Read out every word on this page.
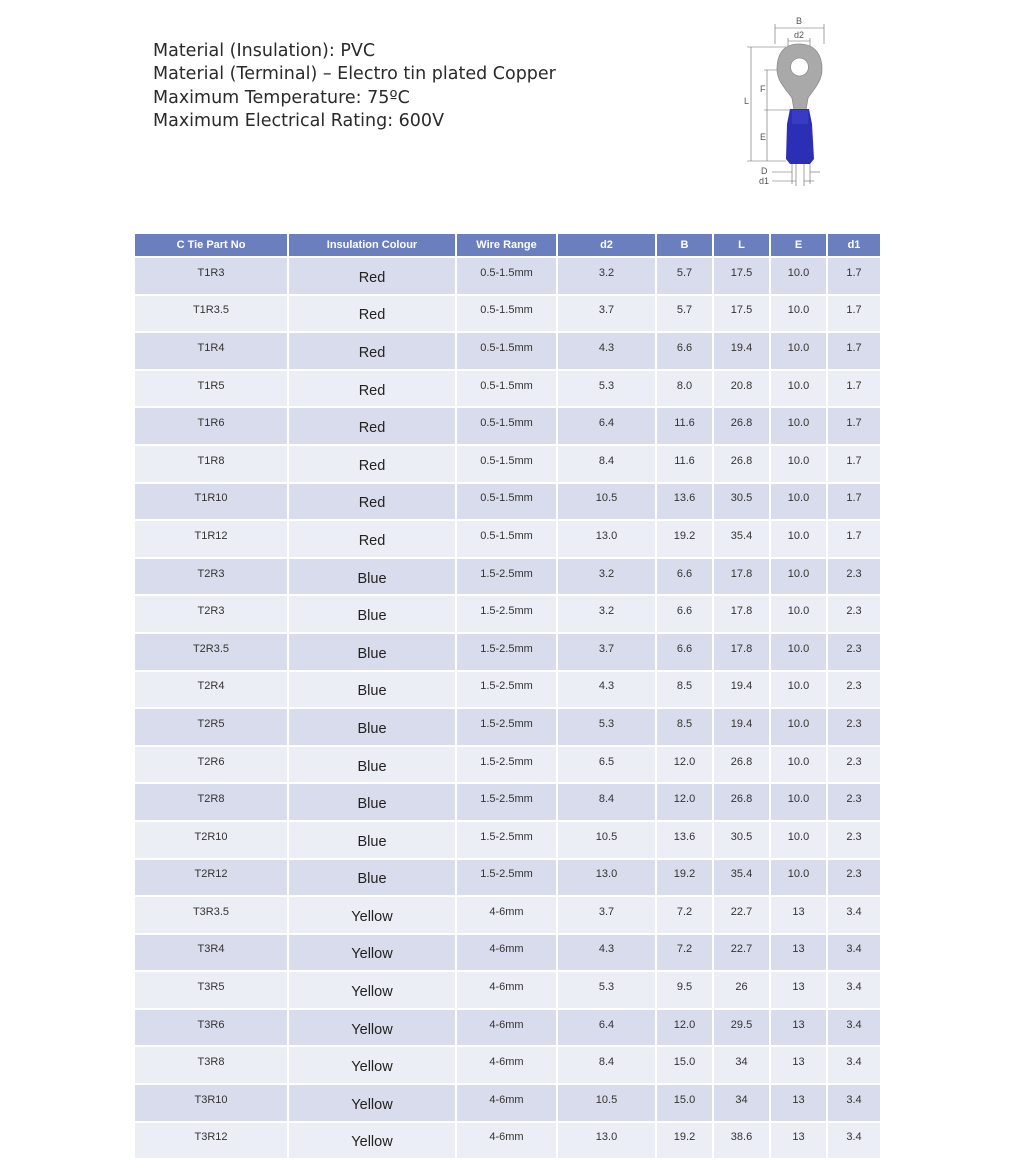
Material (Insulation): PVC
Material (Terminal) – Electro tin plated Copper
Maximum Temperature: 75ºC
Maximum Electrical Rating: 600V
B
d2
L
F
E
D
d1
C Tie Part No	Insulation Colour	Wire Range	d2	B	L	E	d1
T1R3	Red	0.5-1.5mm	3.2	5.7	17.5	10.0	1.7
T1R3.5	Red	0.5-1.5mm	3.7	5.7	17.5	10.0	1.7
T1R4	Red	0.5-1.5mm	4.3	6.6	19.4	10.0	1.7
T1R5	Red	0.5-1.5mm	5.3	8.0	20.8	10.0	1.7
T1R6	Red	0.5-1.5mm	6.4	11.6	26.8	10.0	1.7
T1R8	Red	0.5-1.5mm	8.4	11.6	26.8	10.0	1.7
T1R10	Red	0.5-1.5mm	10.5	13.6	30.5	10.0	1.7
T1R12	Red	0.5-1.5mm	13.0	19.2	35.4	10.0	1.7
T2R3	Blue	1.5-2.5mm	3.2	6.6	17.8	10.0	2.3
T2R3	Blue	1.5-2.5mm	3.2	6.6	17.8	10.0	2.3
T2R3.5	Blue	1.5-2.5mm	3.7	6.6	17.8	10.0	2.3
T2R4	Blue	1.5-2.5mm	4.3	8.5	19.4	10.0	2.3
T2R5	Blue	1.5-2.5mm	5.3	8.5	19.4	10.0	2.3
T2R6	Blue	1.5-2.5mm	6.5	12.0	26.8	10.0	2.3
T2R8	Blue	1.5-2.5mm	8.4	12.0	26.8	10.0	2.3
T2R10	Blue	1.5-2.5mm	10.5	13.6	30.5	10.0	2.3
T2R12	Blue	1.5-2.5mm	13.0	19.2	35.4	10.0	2.3
T3R3.5	Yellow	4-6mm	3.7	7.2	22.7	13	3.4
T3R4	Yellow	4-6mm	4.3	7.2	22.7	13	3.4
T3R5	Yellow	4-6mm	5.3	9.5	26	13	3.4
T3R6	Yellow	4-6mm	6.4	12.0	29.5	13	3.4
T3R8	Yellow	4-6mm	8.4	15.0	34	13	3.4
T3R10	Yellow	4-6mm	10.5	15.0	34	13	3.4
T3R12	Yellow	4-6mm	13.0	19.2	38.6	13	3.4
